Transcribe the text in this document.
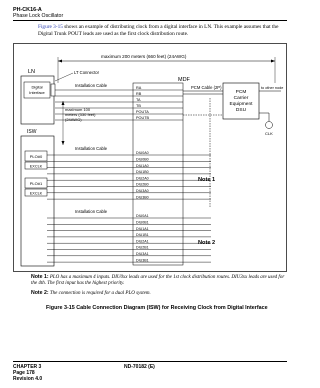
PH-CK16-A
Phase Lock Oscillator
Figure 3-15 shows an example of distributing clock from a digital interface in LN. This example assumes that the Digital Trunk POUT leads are used as the first clock distribution route.
maximum 200 meters (660 feet) (24AWG)
LN
Digital
Interface
LT Connector
ISW
MDF
Installation Cable
RA
RB
TA
TB
POUTA
POUTB
maximum 100
meters (330 feet)
(24AWG)
PCM Cable (2P)
PCM
Carrier
Equipment
DSU
to other node
CLK
PLO#0
EXCLK
PLO#1
EXCLK
Installation Cable
Installation Cable
DIU0A0
DIU0B0
DIU1A0
DIU1B0
DIU2A0
DIU2B0
DIU3A0
DIU3B0
DIU0A1
DIU0B1
DIU1A1
DIU1B1
DIU2A1
DIU2B1
DIU3A1
DIU3B1
Note 1
Note 2
Note 1: PLO has a maximum 4 inputs. DIU0xx leads are used for the 1st clock distribution routes. DIU3xx leads are used for the 4th. The first input has the highest priority.
Note 2: The connection is required for a dual PLO system.
Figure 3-15 Cable Connection Diagram (ISW) for Receiving Clock from Digital Interface
CHAPTER 3
Page 178
Revision 4.0
ND-70182 (E)
